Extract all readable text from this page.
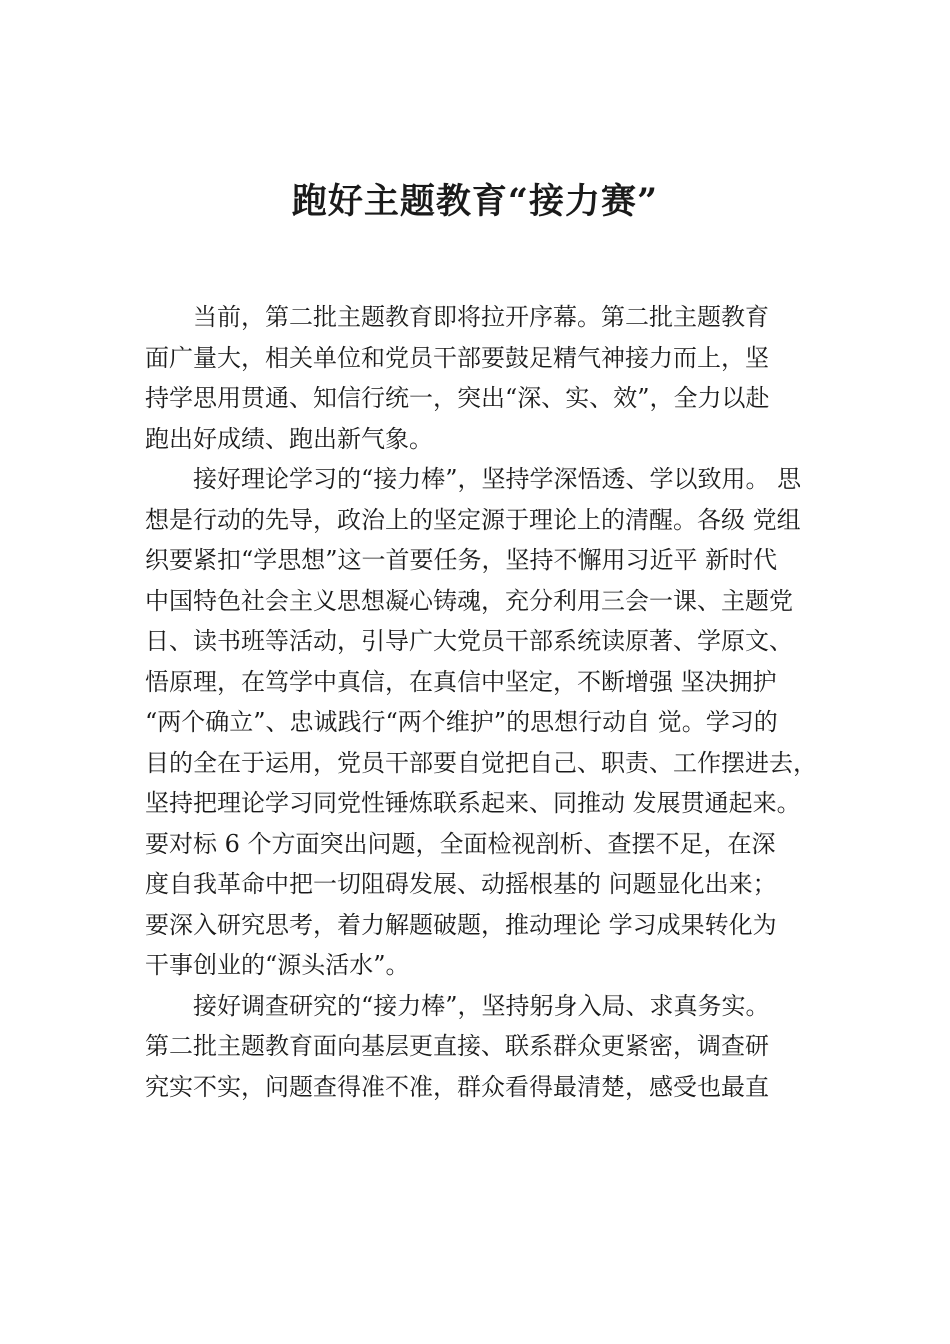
跑好主题教育“接力赛”
当前，第二批主题教育即将拉开序幕。第二批主题教育
面广量大，相关单位和党员干部要鼓足精气神接力而上，坚
持学思用贯通、知信行统一，突出“深、实、效”，全力以赴
跑出好成绩、跑出新气象。
接好理论学习的“接力棒”，坚持学深悟透、学以致用。 思
想是行动的先导，政治上的坚定源于理论上的清醒。各级 党组
织要紧扣“学思想”这一首要任务，坚持不懈用习近平 新时代
中国特色社会主义思想凝心铸魂，充分利用三会一课、主题党
日、读书班等活动，引导广大党员干部系统读原著、学原文、
悟原理，在笃学中真信，在真信中坚定，不断增强 坚决拥护
“两个确立”、忠诚践行“两个维护”的思想行动自 觉。学习的
目的全在于运用，党员干部要自觉把自己、职责、工作摆进去，
坚持把理论学习同党性锤炼联系起来、同推动 发展贯通起来。
要对标 6 个方面突出问题，全面检视剖析、查摆不足，在深
度自我革命中把一切阻碍发展、动摇根基的 问题显化出来；
要深入研究思考，着力解题破题，推动理论 学习成果转化为
干事创业的“源头活水”。
接好调查研究的“接力棒”，坚持躬身入局、求真务实。
第二批主题教育面向基层更直接、联系群众更紧密，调查研
究实不实，问题查得准不准，群众看得最清楚，感受也最直
